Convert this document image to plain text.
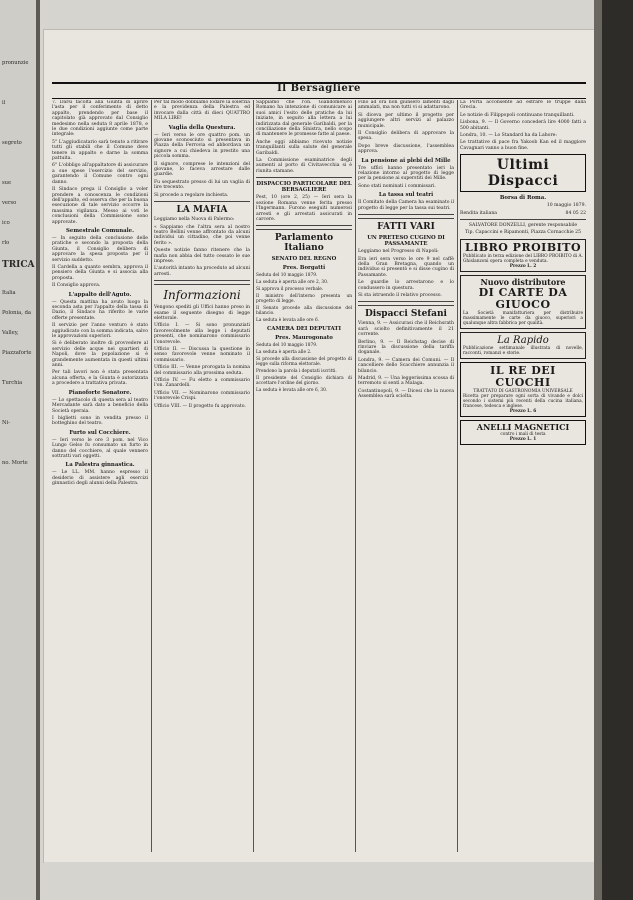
pronunzie
il
segreto
sue
verso
ico
rlo
TRICA
Italia
Polonia, da
Valley,
Piazzaforte
Turchia
Ni-
no. Morte
Il Bersagliere

7. Darsi facoltà alla Giunta di aprire l'asta per il conferimento di detto appalto, prendendo per base il capitolato già approvato dal Consiglio medesimo nella seduta 8 aprile 1878, e le due condizioni aggiunte come parte integrale:

5° L'aggiudicatario sarà tenuto a ritirare tutti gli stabili che il Comune deve tenere in appalto e darne la somma pattuita.

6° L'obbligo all'appaltatore di assicurare a sue spese l'esercizio del servizio, garantendo il Comune contro ogni danno.

Il Sindaco prega il Consiglio a voler prendere a conoscenza le condizioni dell'appalto, ed osserva che per la buona esecuzione di tale servizio occorre la massima vigilanza. Messo ai voti le conclusioni della Commissione sono approvate.

Semestrale Comunale.

— In seguito della conclusione delle pratiche e secondo la proposta della Giunta, il Consiglio delibera di approvare la spesa proposta per il servizio suddetto.

Il Cardella a quanto sembra, approva il pensiero della Giunta e si associa alla proposta.

Il Consiglio approva.

L'appalto dell'Aguto.

— Questa mattina ha avuto luogo la seconda asta per l'appalto della tassa di Dazio, il Sindaco ha riferito le varie offerte presentate.

Il servizio per l'anno venturo è stato aggiudicato con la somma indicata, salvo le approvazioni superiori.

Si è deliberato inoltre di provvedere al servizio delle acque nei quartieri di Napoli, dove la popolazione si è grandemente aumentata in questi ultimi anni.

Per tali lavori non è stata presentata alcuna offerta, e la Giunta è autorizzata a procedere a trattativa privata.

Pianoforte Sonatore.

— Lo spettacolo di questa sera al teatro Mercadante sarà dato a beneficio della Società operaia.

I biglietti sono in vendita presso il botteghino del teatro.

Furto sul Cocchiere.

— Ieri verso le ore 3 pom. nel Vico Lungo Gelso fu consumato un furto in danno del cocchiere, al quale vennero sottratti vari oggetti.

La Palestra ginnastica.

— Le LL. MM. hanno espresso il desiderio di assistere agli esercizi ginnastici degli alunni della Palestra.

Per tal modo dobbiamo lodare la solerzia e la previdenza della Palestra ed invocare dalla città di dieci QUATTRO MILA LIRE!

Vaglia della Questura.

— Ieri verso le ore quattro pom. un giovane sconosciuto si presentava in Piazza della Ferrovia ed abbordava un signore a cui chiedeva in prestito una piccola somma.

Il signore, comprese le intenzioni del giovane, lo faceva arrestare dalle guardie.

Fu sequestrato presso di lui un vaglia di lire trecento.

Si procede a regolare inchiesta.

LA MAFIA

Leggiamo nella Nuova di Palermo:

« Sappiamo che l'altra sera al nostro teatro Bellini venne affrontato da alcuni individui un cittadino, che poi venne ferito ».

Queste notizie fanno ritenere che la mafia non abbia del tutto cessato le sue imprese.

L'autorità intanto ha proceduto ad alcuni arresti.

Informazioni

Vengono spediti gli Uffici hanno preso in esame il seguente disegno di legge elettorale.

Ufficio I. — Si sono pronunziati favorevolmente alla legge i deputati presenti, che nominarono commissario l'onorevole.

Ufficio II. — Discussa la questione in senso favorevole venne nominato il commissario.

Ufficio III. — Venne prorogata la nomina del commissario alla prossima seduta.

Ufficio IV. — Fu eletto a commissario l'on. Zanardelli.

Ufficio VII. — Nominarono commissario l'onorevole Crispi.

Ufficio VIII. — Il progetto fu approvato.

Sappiamo che l'on. Giandomenico Romano ha intenzione di comunicare ai suoi amici l'esito delle pratiche da lui iniziate, in seguito alla lettera a lui indirizzata dal generale Garibaldi, per la conciliazione della Sinistra, nello scopo di mantenere le promesse fatte al paese.

Anche oggi abbiamo ricevuto notizie tranquillanti sulla salute del generale Garibaldi.

La Commissione esaminatrice degli aumenti al porto di Civitavecchia si è riunita stamane.

DISPACCIO PARTICOLARE DEL BERSAGLIERE

Pest, 10 (ore 2, 25) — Ieri sera la sezione Romana venne ferita presso l'Ingermann. Furono eseguiti numerosi arresti e gli arrestati assicurati in carcere.

Parlamento Italiano
SENATO DEL REGNO
Pres. Borgatti

Seduta del 10 maggio 1879.

La seduta è aperta alle ore 2, 30.

Si approva il processo verbale.

Il ministro dell'interno presenta un progetto di legge.

Il Senato procede alla discussione del bilancio.

La seduta è levata alle ore 6.

CAMERA DEI DEPUTATI
Pres. Maurogonato

Seduta del 10 maggio 1879.

La seduta è aperta alle 2.

Si procede alla discussione del progetto di legge sulla riforma elettorale.

Prendono la parola i deputati iscritti.

Il presidente del Consiglio dichiara di accettare l'ordine del giorno.

La seduta è levata alle ore 6, 30.

Fino ad ora non giunsero lamenti dagli ammalati, ma non tutti vi si adattarono.

Si diceva per ultimo il progetto per aggiungere altri servizi al palazzo municipale.

Il Consiglio delibera di approvare la spesa.

Dopo breve discussione, l'assemblea approva.

La pensione ai plebi del Mille

Tre uffici hanno presentato ieri la relazione intorno al progetto di legge per la pensione ai superstiti dei Mille.

Sono stati nominati i commissari.

La tassa sul teatri

Il Comitato della Camera ha esaminato il progetto di legge per la tassa sui teatri.

FATTI VARI
UN PRETESO CUGINO DI PASSAMANTE

Leggiamo nel Progresso di Napoli:

Era ieri sera verso le ore 9 nel caffè della Gran Bretagna, quando un individuo si presentò e si disse cugino di Passamante.

Le guardie lo arrestarono e lo condussero in questura.

Si sta istruendo il relativo processo.

Dispacci Stefani

Vienna, 9. — Assicurasi che il Reichsrath sarà sciolto definitivamente il 21 corrente.

Berlino, 9. — Il Reichstag decise di rinviare la discussione della tariffa doganale.

Londra, 9. — Camera dei Comuni. — Il cancelliere dello Scacchiere annunzia il bilancio.

Madrid, 9. — Una leggerissima scossa di terremoto si sentì a Malaga.

Costantinopoli, 9. — Dicesi che la nuova Assemblea sarà sciolta.

La Porta acconsente ad estrare le truppe dalla Grecia.

Le notizie di Filippopoli continuano tranquillanti.

Lisbona, 9. — Il Governo concederà lire 4000 fatti a 500 abitanti.

Londra, 10. — Lo Standard ha da Lahore:

Le trattative di pace fra Yakoob Kan ed il maggiore Cavagnari vanno a buon fine.

Ultimi Dispacci
Borsa di Roma.

10 maggio 1879.

Rendita italiana	84 05 22

SALVATORE DONZELLI, gerente responsabile

Tip. Capaccini e Ripamonti, Piazza Cornacchie 25

LIBRO PROIBITO
Pubblicato in terza edizione del LIBRO PROIBITO di A. Ghislanzoni opera completa e venduta.
Prezzo L. 2
Nuovo distributore
DI CARTE DA GIUOCO
La Società manifatturiera per distribuire massimamente le carte da giuoco, superiori a qualunque altra fabbrica per qualità.
La Rapido
Pubblicazione settimanale illustrata di novelle, racconti, romanzi e storie.
IL RE DEI CUOCHI
TRATTATO DI GASTRONOMIA UNIVERSALE
Ricetta per preparare ogni sorta di vivande e dolci secondo i sistemi più recenti della cucina italiana, francese, tedesca e inglese.
Prezzo L. 6
ANELLI MAGNETICI
contro i mali di testa
Prezzo L. 1
